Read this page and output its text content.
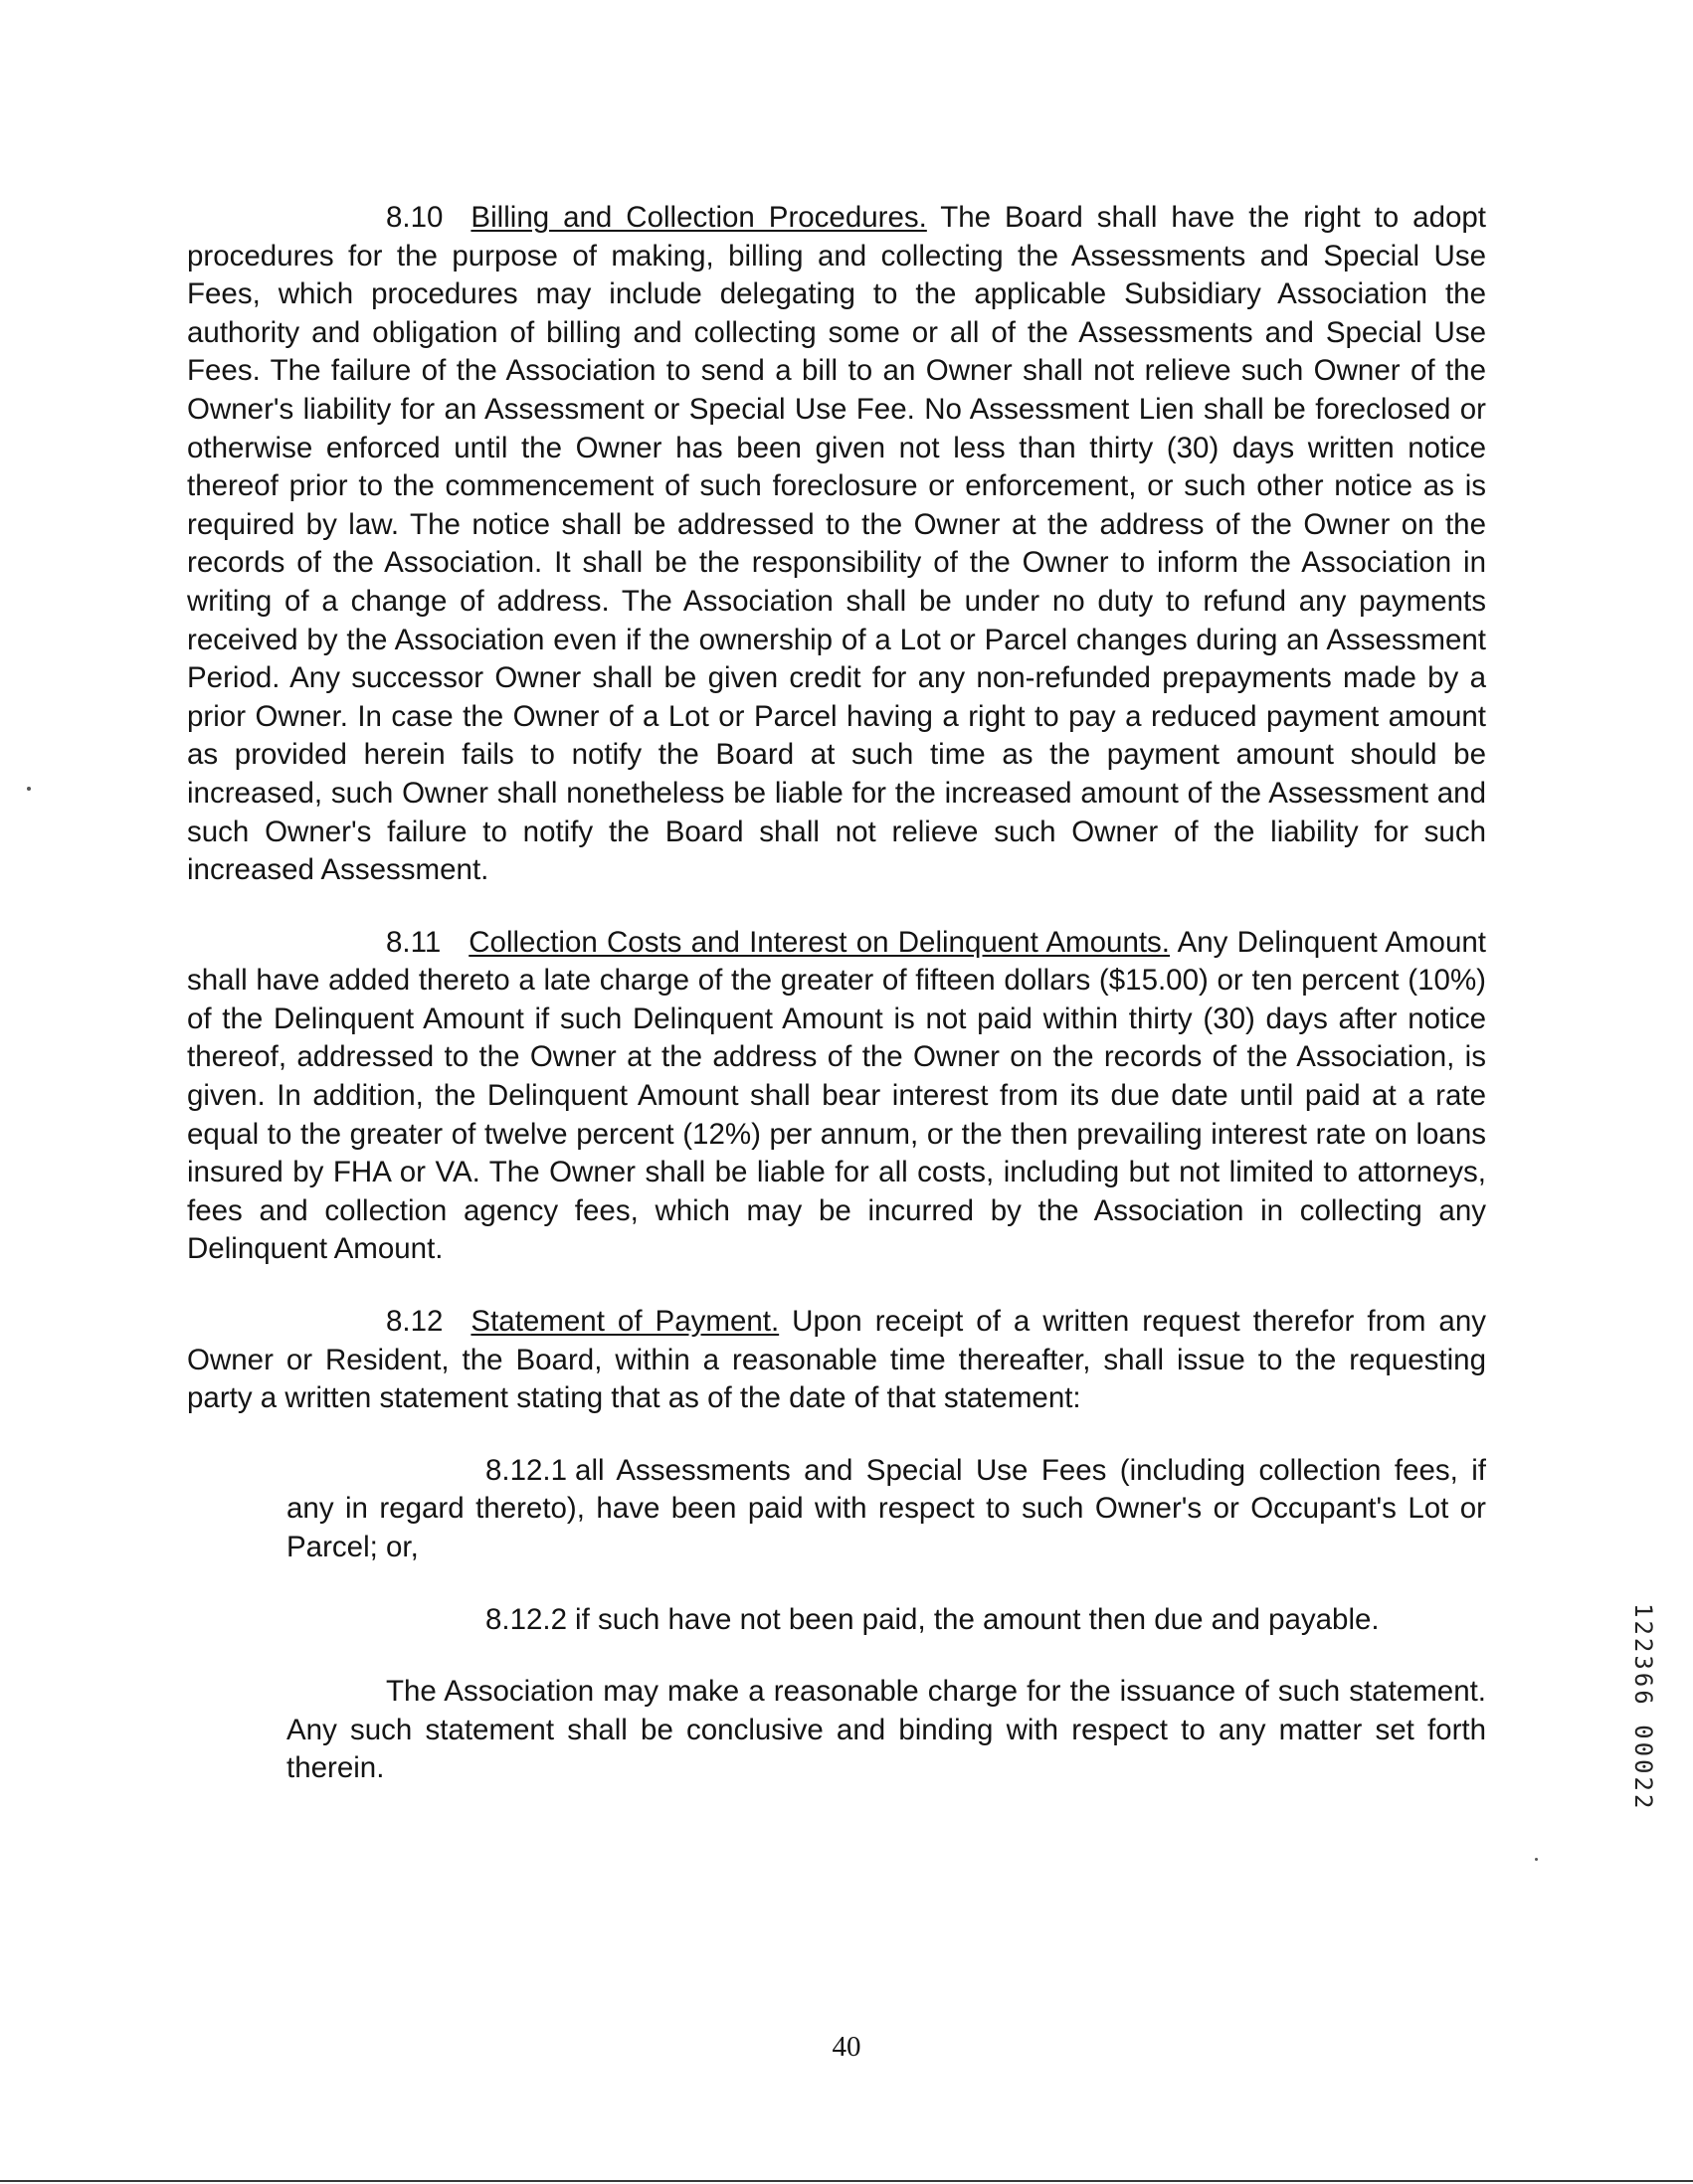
8.10 Billing and Collection Procedures. The Board shall have the right to adopt procedures for the purpose of making, billing and collecting the Assessments and Special Use Fees, which procedures may include delegating to the applicable Subsidiary Association the authority and obligation of billing and collecting some or all of the Assessments and Special Use Fees. The failure of the Association to send a bill to an Owner shall not relieve such Owner of the Owner's liability for an Assessment or Special Use Fee. No Assessment Lien shall be foreclosed or otherwise enforced until the Owner has been given not less than thirty (30) days written notice thereof prior to the commencement of such foreclosure or enforcement, or such other notice as is required by law. The notice shall be addressed to the Owner at the address of the Owner on the records of the Association. It shall be the responsibility of the Owner to inform the Association in writing of a change of address. The Association shall be under no duty to refund any payments received by the Association even if the ownership of a Lot or Parcel changes during an Assessment Period. Any successor Owner shall be given credit for any non-refunded prepayments made by a prior Owner. In case the Owner of a Lot or Parcel having a right to pay a reduced payment amount as provided herein fails to notify the Board at such time as the payment amount should be increased, such Owner shall nonetheless be liable for the increased amount of the Assessment and such Owner's failure to notify the Board shall not relieve such Owner of the liability for such increased Assessment.

8.11 Collection Costs and Interest on Delinquent Amounts. Any Delinquent Amount shall have added thereto a late charge of the greater of fifteen dollars ($15.00) or ten percent (10%) of the Delinquent Amount if such Delinquent Amount is not paid within thirty (30) days after notice thereof, addressed to the Owner at the address of the Owner on the records of the Association, is given. In addition, the Delinquent Amount shall bear interest from its due date until paid at a rate equal to the greater of twelve percent (12%) per annum, or the then prevailing interest rate on loans insured by FHA or VA. The Owner shall be liable for all costs, including but not limited to attorneys, fees and collection agency fees, which may be incurred by the Association in collecting any Delinquent Amount.

8.12 Statement of Payment. Upon receipt of a written request therefor from any Owner or Resident, the Board, within a reasonable time thereafter, shall issue to the requesting party a written statement stating that as of the date of that statement:

8.12.1 all Assessments and Special Use Fees (including collection fees, if any in regard thereto), have been paid with respect to such Owner's or Occupant's Lot or Parcel; or,

8.12.2 if such have not been paid, the amount then due and payable.

The Association may make a reasonable charge for the issuance of such statement. Any such statement shall be conclusive and binding with respect to any matter set forth therein.

40
122366 00022
